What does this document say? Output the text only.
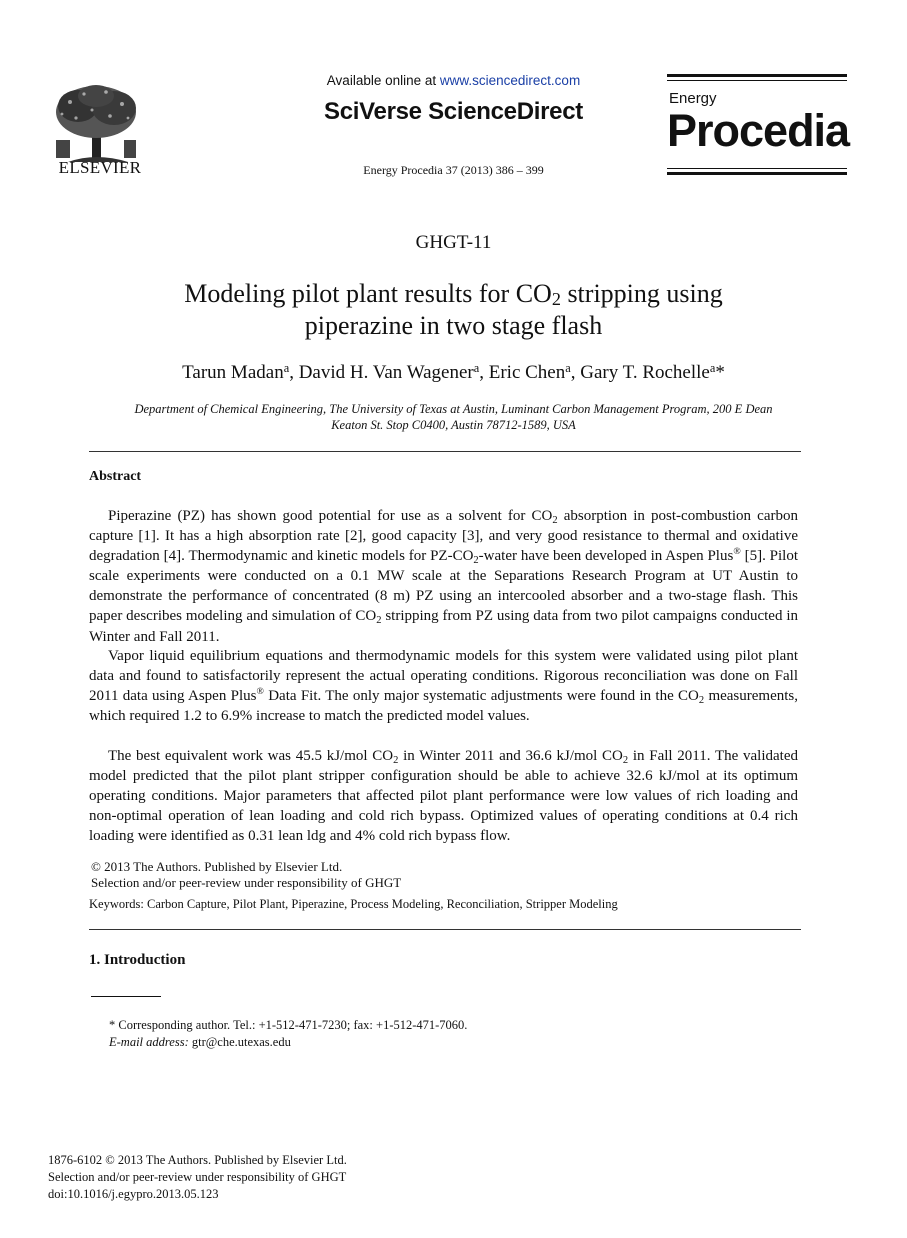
ELSEVIER
Available online at www.sciencedirect.com
SciVerse ScienceDirect
Energy Procedia 37 (2013) 386 – 399
Energy
Procedia
GHGT-11
Modeling pilot plant results for $CO_2$ stripping using
piperazine in two stage flash
Tarun Madan$^a$, David H. Van Wagener$^a$, Eric Chen$^a$, Gary T. Rochelle$^a$*
Department of Chemical Engineering, The University of Texas at Austin, Luminant Carbon Management Program, 200 E Dean
Keaton St. Stop C0400, Austin 78712-1589, USA
Abstract

Piperazine (PZ) has shown good potential for use as a solvent for $CO_2$ absorption in post-combustion carbon capture [1]. It has a high absorption rate [2], good capacity [3], and very good resistance to thermal and oxidative degradation [4]. Thermodynamic and kinetic models for $PZ-CO_2$-water have been developed in Aspen Plus® [5]. Pilot scale experiments were conducted on a 0.1 MW scale at the Separations Research Program at UT Austin to demonstrate the performance of concentrated (8 m) PZ using an intercooled absorber and a two-stage flash. This paper describes modeling and simulation of $CO_2$ stripping from PZ using data from two pilot campaigns conducted in Winter and Fall 2011.

Vapor liquid equilibrium equations and thermodynamic models for this system were validated using pilot plant data and found to satisfactorily represent the actual operating conditions. Rigorous reconciliation was done on Fall 2011 data using Aspen Plus® Data Fit. The only major systematic adjustments were found in the $CO_2$ measurements, which required 1.2 to 6.9% increase to match the predicted model values.

The best equivalent work was 45.5 kJ/mol $CO_2$ in Winter 2011 and 36.6 kJ/mol $CO_2$ in Fall 2011. The validated model predicted that the pilot plant stripper configuration should be able to achieve 32.6 kJ/mol at its optimum operating conditions. Major parameters that affected pilot plant performance were low values of rich loading and non-optimal operation of lean loading and cold rich bypass. Optimized values of operating conditions at 0.4 rich loading were identified as 0.31 lean ldg and 4% cold rich bypass flow.

© 2013 The Authors. Published by Elsevier Ltd.
Selection and/or peer-review under responsibility of GHGT
Keywords: Carbon Capture, Pilot Plant, Piperazine, Process Modeling, Reconciliation, Stripper Modeling
1. Introduction
* Corresponding author. Tel.: +1-512-471-7230; fax: +1-512-471-7060.
E-mail address: gtr@che.utexas.edu
1876-6102 © 2013 The Authors. Published by Elsevier Ltd.
Selection and/or peer-review under responsibility of GHGT
doi:10.1016/j.egypro.2013.05.123
